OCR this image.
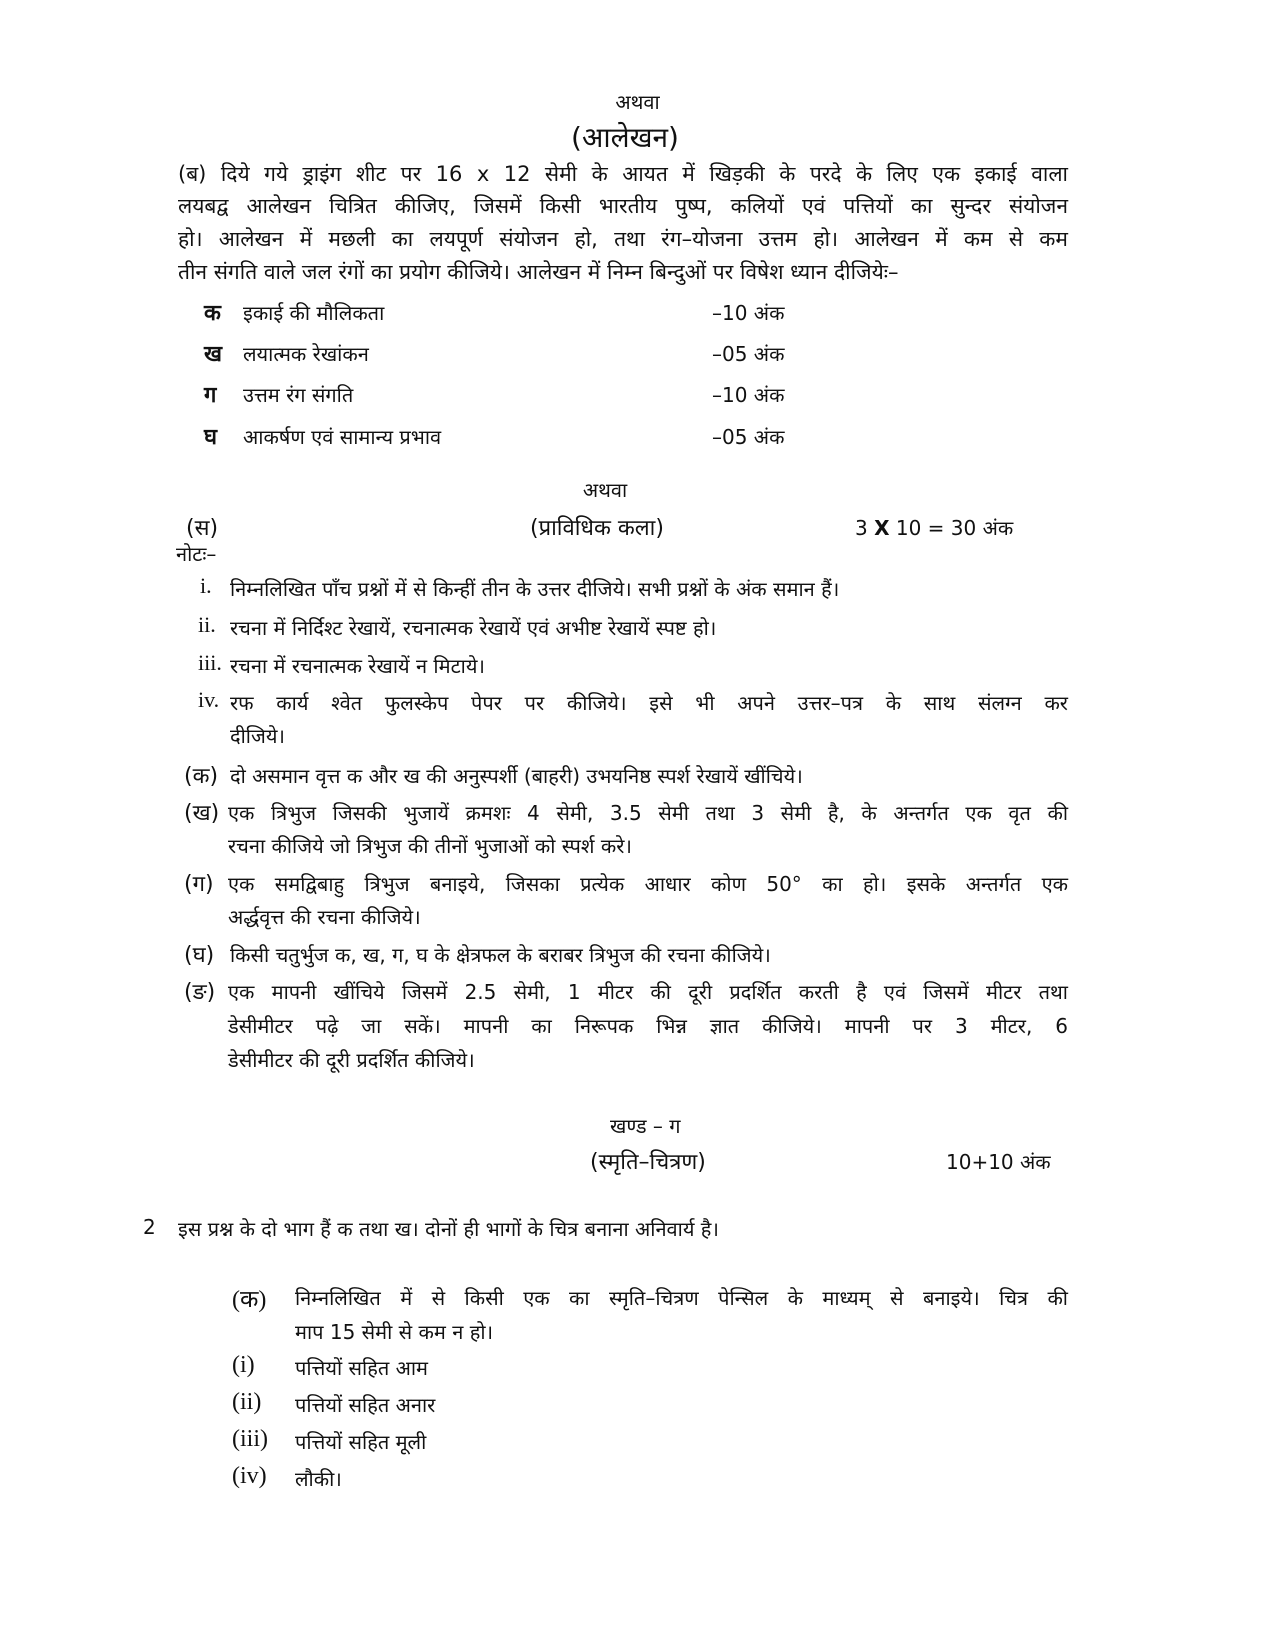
अथवा
(आलेखन)
(ब) दिये गये ड्राइंग शीट पर 16 x 12 सेमी के आयत में खिड़की के परदे के लिए एक इकाई वाला
लयबद्व आलेखन चित्रित कीजिए, जिसमें किसी भारतीय पुष्प, कलियों एवं पत्तियों का सुन्दर संयोजन
हो। आलेखन में मछली का लयपूर्ण संयोजन हो, तथा रंग–योजना उत्तम हो। आलेखन में कम से कम
तीन संगति वाले जल रंगों का प्रयोग कीजिये। आलेखन में निम्न बिन्दुओं पर विषेश ध्यान दीजियेः–
क इकाई की मौलिकता	–10 अंक
ख लयात्मक रेखांकन	–05 अंक
ग उत्तम रंग संगति	–10 अंक
घ आकर्षण एवं सामान्य प्रभाव	–05 अंक
अथवा
(स)	(प्राविधिक कला)	3 X 10 = 30 अंक
नोटः–
i. निम्नलिखित पाँच प्रश्नों में से किन्हीं तीन के उत्तर दीजिये। सभी प्रश्नों के अंक समान हैं।
ii. रचना में निर्दिश्ट रेखायें, रचनात्मक रेखायें एवं अभीष्ट रेखायें स्पष्ट हो।
iii. रचना में रचनात्मक रेखायें न मिटाये।
iv. रफ कार्य श्वेत फुलस्केप पेपर पर कीजिये। इसे भी अपने उत्तर–पत्र के साथ संलग्न कर
दीजिये।
(क) दो असमान वृत्त क और ख की अनुस्पर्शी (बाहरी) उभयनिष्ठ स्पर्श रेखायें खींचिये।
(ख) एक त्रिभुज जिसकी भुजायें क्रमशः 4 सेमी, 3.5 सेमी तथा 3 सेमी है, के अन्तर्गत एक वृत की
रचना कीजिये जो त्रिभुज की तीनों भुजाओं को स्पर्श करे।
(ग) एक समद्विबाहु त्रिभुज बनाइये, जिसका प्रत्येक आधार कोण 50° का हो। इसके अन्तर्गत एक
अर्द्धवृत्त की रचना कीजिये।
(घ) किसी चतुर्भुज क, ख, ग, घ के क्षेत्रफल के बराबर त्रिभुज की रचना कीजिये।
(ङ) एक मापनी खींचिये जिसमें 2.5 सेमी, 1 मीटर की दूरी प्रदर्शित करती है एवं जिसमें मीटर तथा
डेसीमीटर पढ़े जा सकें। मापनी का निरूपक भिन्न ज्ञात कीजिये। मापनी पर 3 मीटर, 6
डेसीमीटर की दूरी प्रदर्शित कीजिये।
खण्ड – ग
(स्मृति–चित्रण)	10+10 अंक
2 इस प्रश्न के दो भाग हैं क तथा ख। दोनों ही भागों के चित्र बनाना अनिवार्य है।
(क) निम्नलिखित में से किसी एक का स्मृति–चित्रण पेन्सिल के माध्यम् से बनाइये। चित्र की
माप 15 सेमी से कम न हो।
(i) पत्तियों सहित आम
(ii) पत्तियों सहित अनार
(iii) पत्तियों सहित मूली
(iv) लौकी।
